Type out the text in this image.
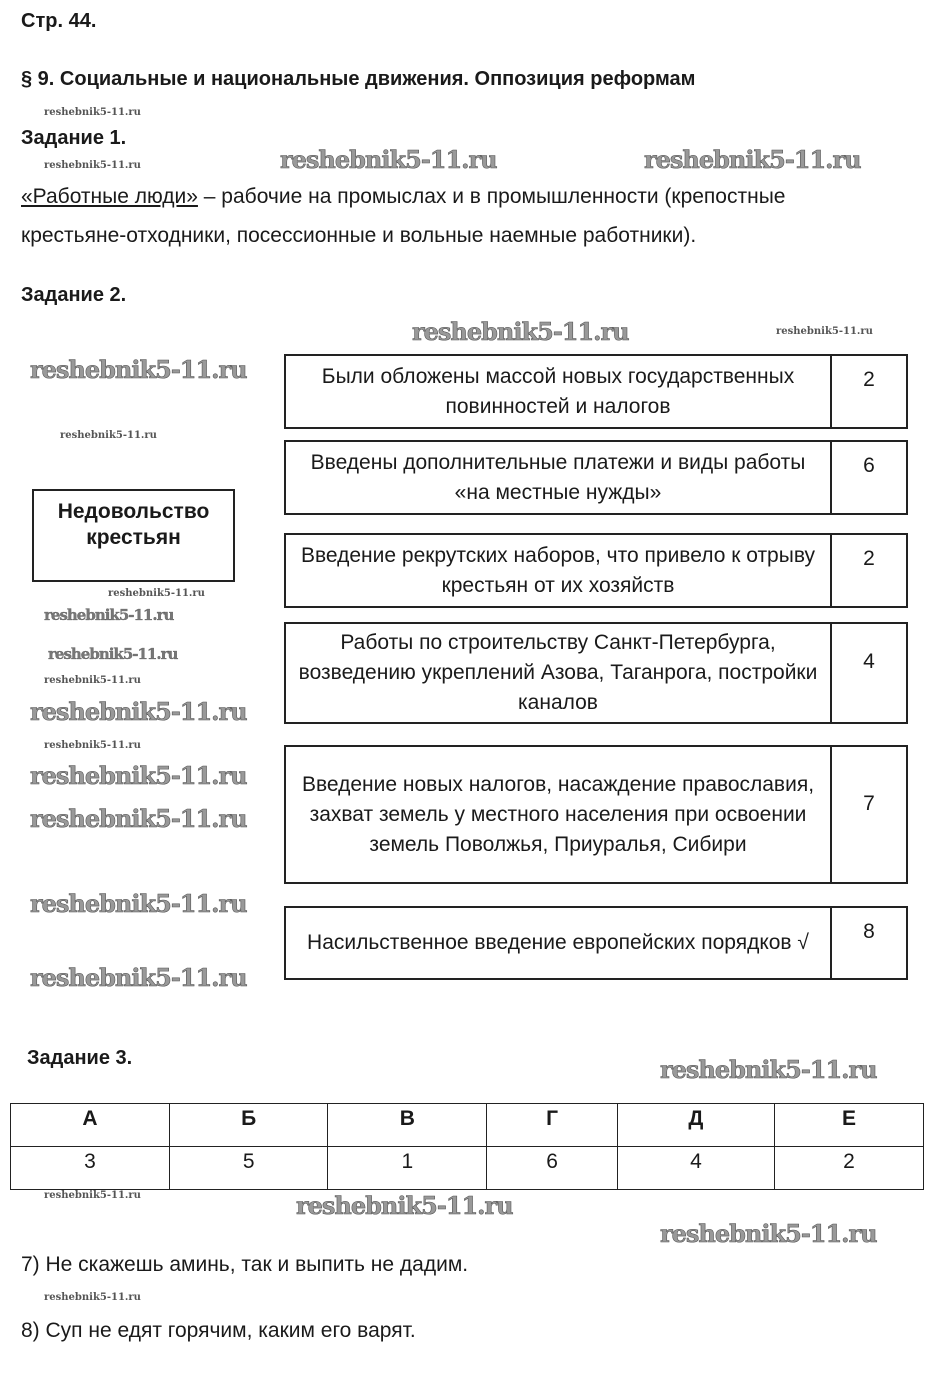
Стр. 44.
§ 9. Социальные и национальные движения. Оппозиция реформам
Задание 1.
«Работные люди» – рабочие на промыслах и в промышленности (крепостные
крестьяне-отходники, посессионные и вольные наемные работники).
Задание 2.
Недовольство крестьян
Были обложены массой новых государственных повинностей и налогов
2
Введены дополнительные платежи и виды работы «на местные нужды»
6
Введение рекрутских наборов, что привело к отрыву крестьян от их хозяйств
2
Работы по строительству Санкт-Петербурга, возведению укреплений Азова, Таганрога, постройки каналов
4
Введение новых налогов, насаждение православия, захват земель у местного населения при освоении земель Поволжья, Приуралья, Сибири
7
Насильственное введение европейских порядков √	8
Задание 3.
А	Б	В	Г	Д	Е
3	5	1	6	4	2
7) Не скажешь аминь, так и выпить не дадим.
8) Суп не едят горячим, каким его варят.
reshebnik5-11.ru
reshebnik5-11.ru	reshebnik5-11.ru	reshebnik5-11.ru
reshebnik5-11.ru
reshebnik5-11.ru
reshebnik5-11.ru
reshebnik5-11.ru
reshebnik5-11.ru
reshebnik5-11.ru
reshebnik5-11.ru
reshebnik5-11.ru
reshebnik5-11.ru
reshebnik5-11.ru
reshebnik5-11.ru
reshebnik5-11.ru
reshebnik5-11.ru
reshebnik5-11.ru
reshebnik5-11.ru
reshebnik5-11.ru	reshebnik5-11.ru
reshebnik5-11.ru
reshebnik5-11.ru
